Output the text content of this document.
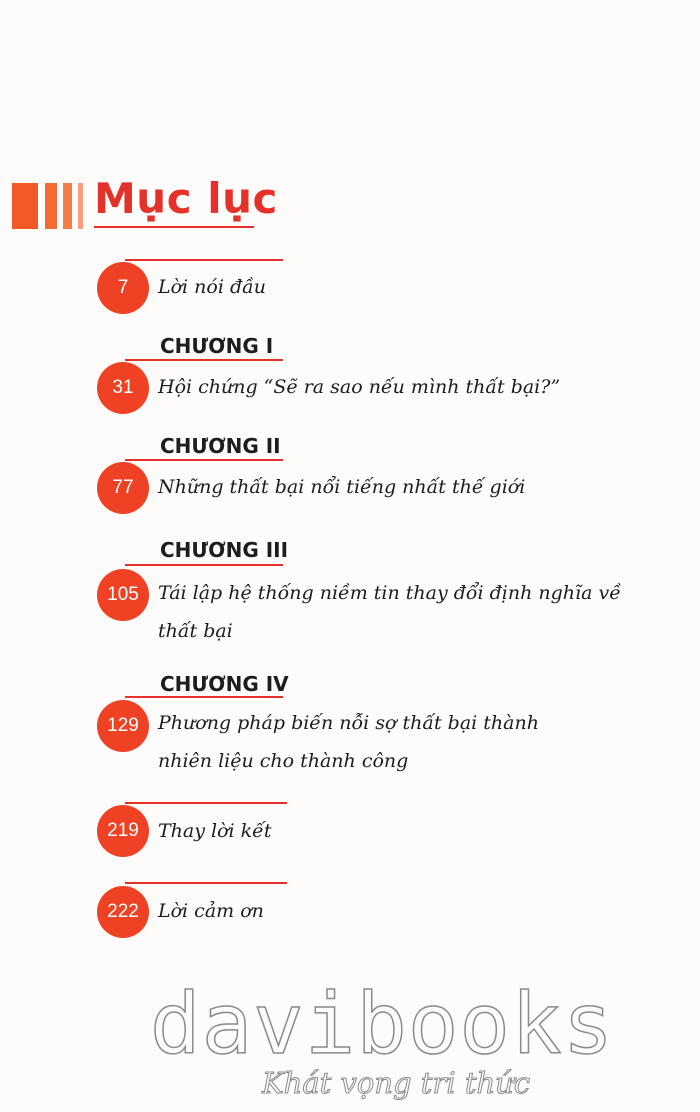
Mục lục
7	Lời nói đầu
CHƯƠNG I
31	Hội chứng “Sẽ ra sao nếu mình thất bại?”
CHƯƠNG II
77	Những thất bại nổi tiếng nhất thế giới
CHƯƠNG III
105	Tái lập hệ thống niềm tin thay đổi định nghĩa về
thất bại
CHƯƠNG IV
129	Phương pháp biến nỗi sợ thất bại thành
nhiên liệu cho thành công
219	Thay lời kết
222	Lời cảm ơn
davibooks
Khát vọng tri thức
